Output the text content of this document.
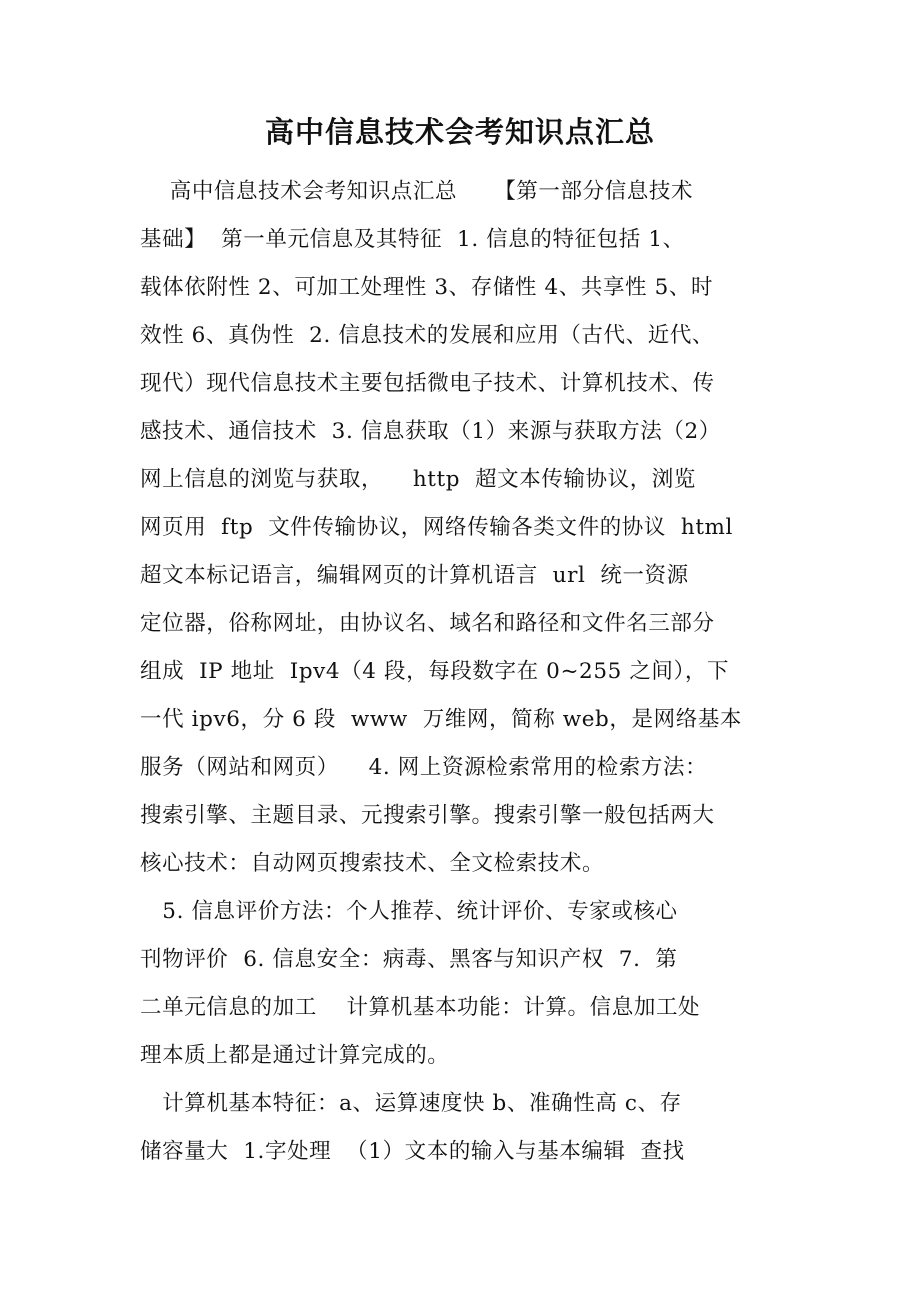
高中信息技术会考知识点汇总
高中信息技术会考知识点汇总     【第一部分信息技术
基础】  第一单元信息及其特征  1. 信息的特征包括 1、
载体依附性 2、可加工处理性 3、存储性 4、共享性 5、时
效性 6、真伪性  2. 信息技术的发展和应用（古代、近代、
现代）现代信息技术主要包括微电子技术、计算机技术、传
感技术、通信技术  3. 信息获取（1）来源与获取方法（2）
网上信息的浏览与获取，    http  超文本传输协议，浏览
网页用  ftp  文件传输协议，网络传输各类文件的协议  html
超文本标记语言，编辑网页的计算机语言  url  统一资源
定位器，俗称网址，由协议名、域名和路径和文件名三部分
组成  IP 地址  Ipv4（4 段，每段数字在 0~255 之间），下
一代 ipv6，分 6 段  www  万维网，简称 web，是网络基本
服务（网站和网页）    4. 网上资源检索常用的检索方法：
搜索引擎、主题目录、元搜索引擎。搜索引擎一般包括两大
核心技术：自动网页搜索技术、全文检索技术。
5. 信息评价方法：个人推荐、统计评价、专家或核心
刊物评价  6. 信息安全：病毒、黑客与知识产权  7.  第
二单元信息的加工    计算机基本功能：计算。信息加工处
理本质上都是通过计算完成的。
计算机基本特征：a、运算速度快 b、准确性高 c、存
储容量大  1.字处理  （1）文本的输入与基本编辑  查找
